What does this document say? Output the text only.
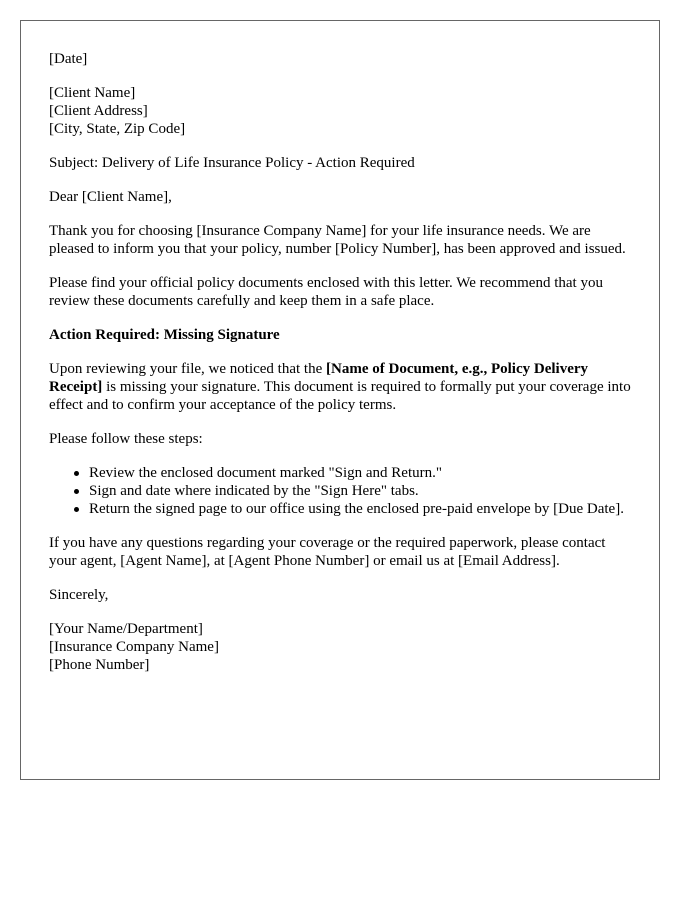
[Date]
[Client Name]
[Client Address]
[City, State, Zip Code]
Subject: Delivery of Life Insurance Policy - Action Required
Dear [Client Name],
Thank you for choosing [Insurance Company Name] for your life insurance needs. We are pleased to inform you that your policy, number [Policy Number], has been approved and issued.
Please find your official policy documents enclosed with this letter. We recommend that you review these documents carefully and keep them in a safe place.
Action Required: Missing Signature
Upon reviewing your file, we noticed that the [Name of Document, e.g., Policy Delivery Receipt] is missing your signature. This document is required to formally put your coverage into effect and to confirm your acceptance of the policy terms.
Please follow these steps:
Review the enclosed document marked "Sign and Return."
Sign and date where indicated by the "Sign Here" tabs.
Return the signed page to our office using the enclosed pre-paid envelope by [Due Date].
If you have any questions regarding your coverage or the required paperwork, please contact your agent, [Agent Name], at [Agent Phone Number] or email us at [Email Address].
Sincerely,
[Your Name/Department]
[Insurance Company Name]
[Phone Number]
